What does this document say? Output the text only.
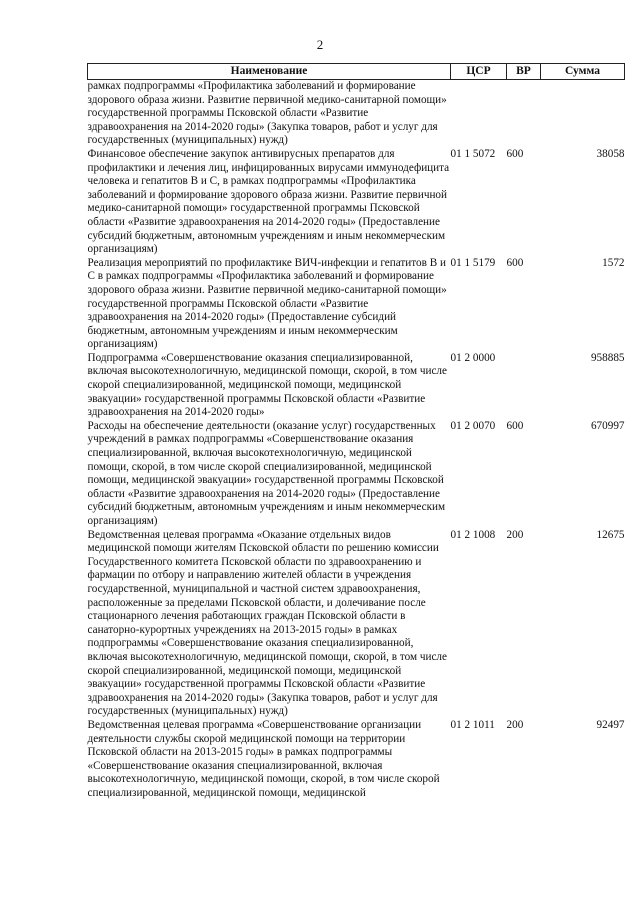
2
Наименование	ЦСР	ВР	Сумма
рамках подпрограммы «Профилактика заболеваний и формирование здорового образа жизни. Развитие первичной медико-санитарной помощи» государственной программы Псковской области «Развитие здравоохранения на 2014-2020 годы» (Закупка товаров, работ и услуг для государственных (муниципальных) нужд)			
Финансовое обеспечение закупок антивирусных препаратов для профилактики и лечения лиц, инфицированных вирусами иммунодефицита человека и гепатитов В и С, в рамках подпрограммы «Профилактика заболеваний и формирование здорового образа жизни. Развитие первичной медико-санитарной помощи» государственной программы Псковской области «Развитие здравоохранения на 2014-2020 годы» (Предоставление субсидий бюджетным, автономным учреждениям и иным некоммерческим организациям)	01 1 5072	600	38058
Реализация мероприятий по профилактике ВИЧ-инфекции и гепатитов В и С в рамках подпрограммы «Профилактика заболеваний и формирование здорового образа жизни. Развитие первичной медико-санитарной помощи» государственной программы Псковской области «Развитие здравоохранения на 2014-2020 годы» (Предоставление субсидий бюджетным, автономным учреждениям и иным некоммерческим организациям)	01 1 5179	600	1572
Подпрограмма «Совершенствование оказания специализированной, включая высокотехнологичную, медицинской помощи, скорой, в том числе скорой специализированной, медицинской помощи, медицинской эвакуации» государственной программы Псковской области «Развитие здравоохранения на 2014-2020 годы»	01 2 0000		958885
Расходы на обеспечение деятельности (оказание услуг) государственных учреждений в рамках подпрограммы «Совершенствование оказания специализированной, включая высокотехнологичную, медицинской помощи, скорой, в том числе скорой специализированной, медицинской помощи, медицинской эвакуации» государственной программы Псковской области «Развитие здравоохранения на 2014-2020 годы» (Предоставление субсидий бюджетным, автономным учреждениям и иным некоммерческим организациям)	01 2 0070	600	670997
Ведомственная целевая программа «Оказание отдельных видов медицинской помощи жителям Псковской области по решению комиссии Государственного комитета Псковской области по здравоохранению и фармации по отбору и направлению жителей области в учреждения государственной, муниципальной и частной систем здравоохранения, расположенные за пределами Псковской области, и долечивание после стационарного лечения работающих граждан Псковской области в санаторно-курортных учреждениях на 2013-2015 годы» в рамках подпрограммы «Совершенствование оказания специализированной, включая высокотехнологичную, медицинской помощи, скорой, в том числе скорой специализированной, медицинской помощи, медицинской эвакуации» государственной программы Псковской области «Развитие здравоохранения на 2014-2020 годы» (Закупка товаров, работ и услуг для государственных (муниципальных) нужд)	01 2 1008	200	12675
Ведомственная целевая программа «Совершенствование организации деятельности службы скорой медицинской помощи на территории Псковской области на 2013-2015 годы» в рамках подпрограммы «Совершенствование оказания специализированной, включая высокотехнологичную, медицинской помощи, скорой, в том числе скорой специализированной, медицинской помощи, медицинской	01 2 1011	200	92497
